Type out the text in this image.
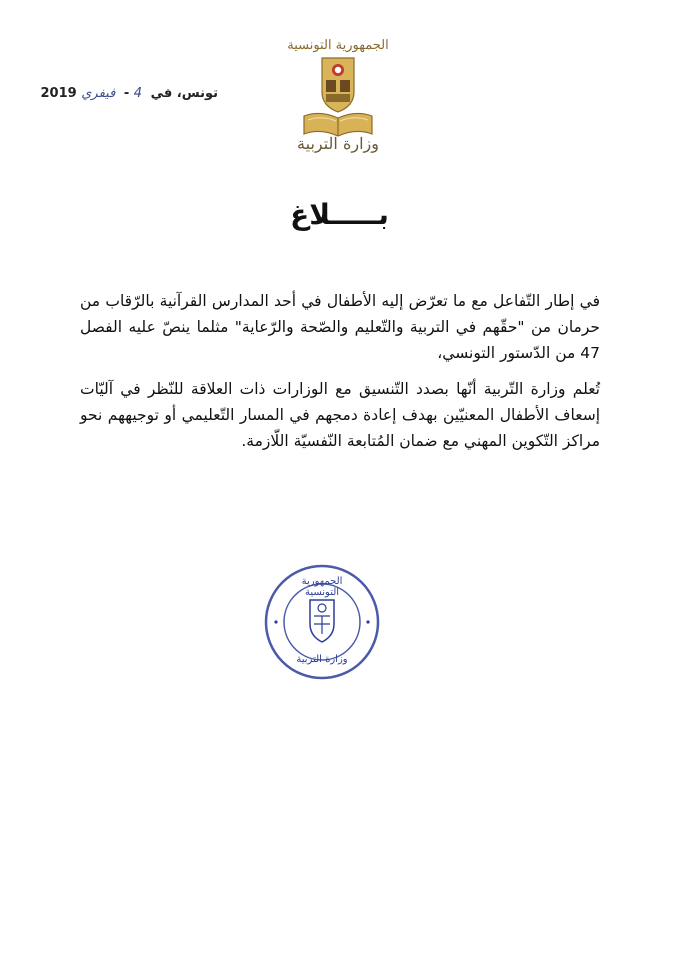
الجمهورية التونسية
وزارة التربية
تونس، في 4 - فيفري 2019
بـــــلاغ

في إطار التّفاعل مع ما تعرّض إليه الأطفال في أحد المدارس القرآنية بالرّقاب من حرمان من "حقّهم في التربية والتّعليم والصّحة والرّعاية" مثلما ينصّ عليه الفصل 47 من الدّستور التونسي،

تُعلم وزارة التّربية أنّها بصدد التّنسيق مع الوزارات ذات العلاقة للنّظر في آليّات إسعاف الأطفال المعنيّين بهدف إعادة دمجهم في المسار التّعليمي أو توجيههم نحو مراكز التّكوين المهني مع ضمان المُتابعة النّفسيّة اللّازمة.

الجمهورية التونسية
وزارة التربية
